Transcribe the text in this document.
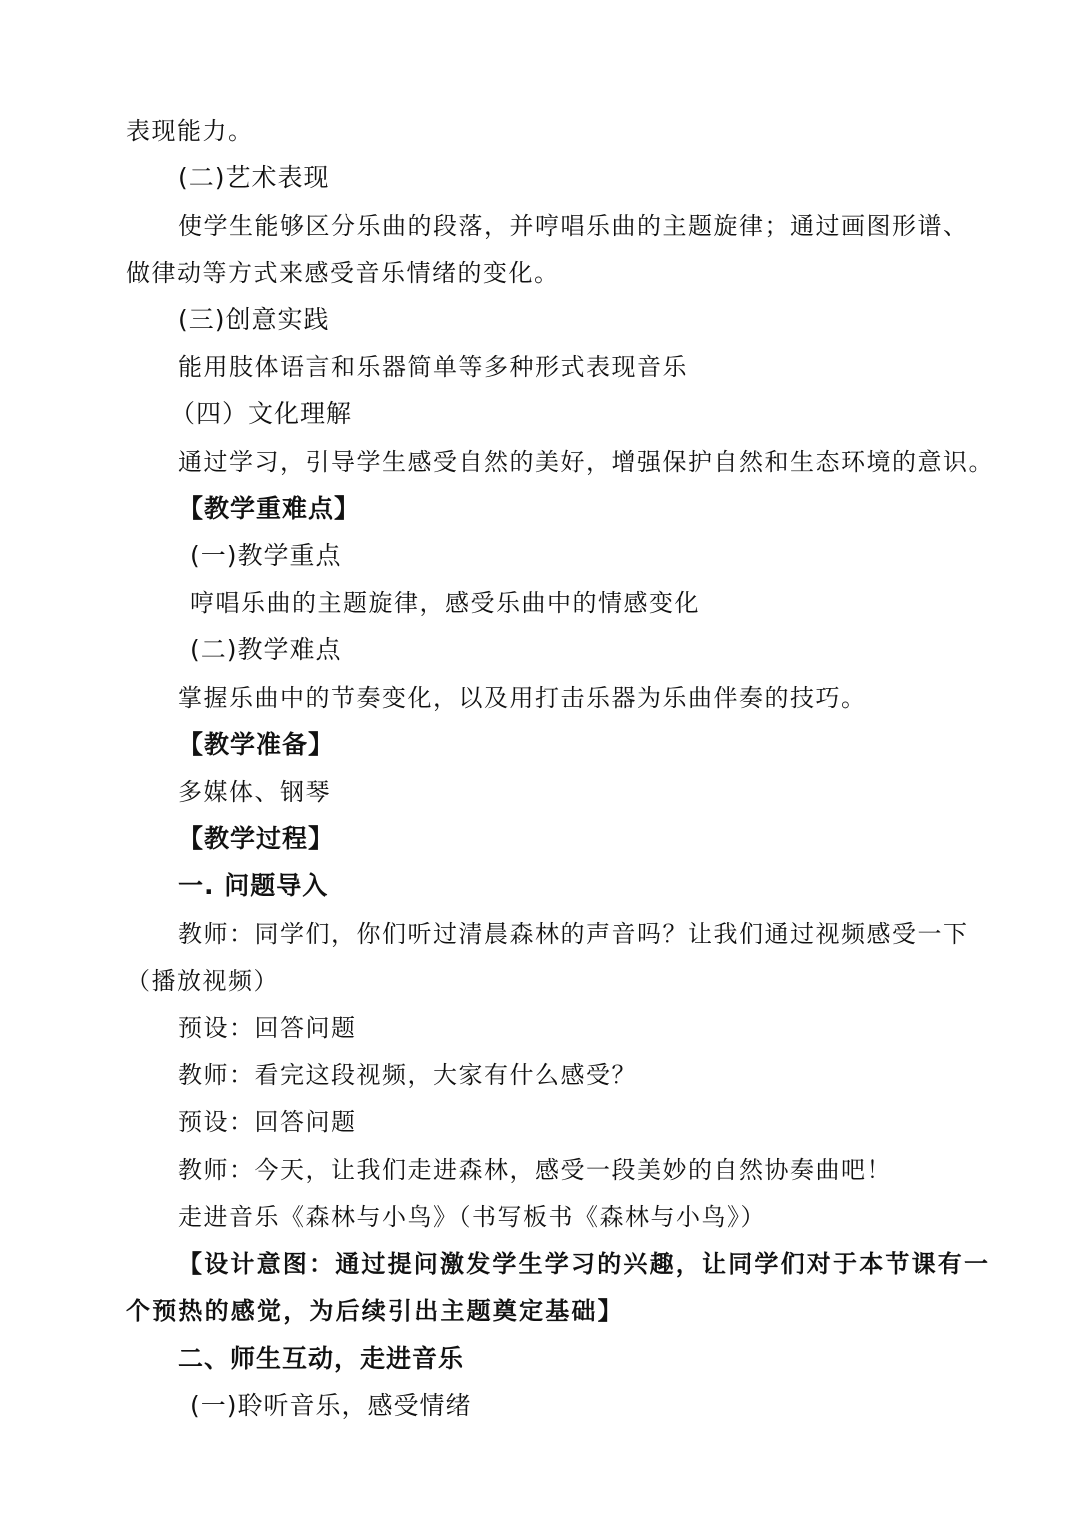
表现能力。
(二)艺术表现
使学生能够区分乐曲的段落，并哼唱乐曲的主题旋律；通过画图形谱、
做律动等方式来感受音乐情绪的变化。
(三)创意实践
能用肢体语言和乐器简单等多种形式表现音乐
（四）文化理解
通过学习，引导学生感受自然的美好，增强保护自然和生态环境的意识。
【教学重难点】
(一)教学重点
哼唱乐曲的主题旋律，感受乐曲中的情感变化
(二)教学难点
掌握乐曲中的节奏变化，以及用打击乐器为乐曲伴奏的技巧。
【教学准备】
多媒体、钢琴
【教学过程】
一. 问题导入
教师：同学们，你们听过清晨森林的声音吗？让我们通过视频感受一下
（播放视频）
预设：回答问题
教师：看完这段视频，大家有什么感受？
预设：回答问题
教师：今天，让我们走进森林，感受一段美妙的自然协奏曲吧！
走进音乐《森林与小鸟》（书写板书《森林与小鸟》）
【设计意图：通过提问激发学生学习的兴趣，让同学们对于本节课有一
个预热的感觉，为后续引出主题奠定基础】
二、师生互动，走进音乐
(一)聆听音乐，感受情绪
